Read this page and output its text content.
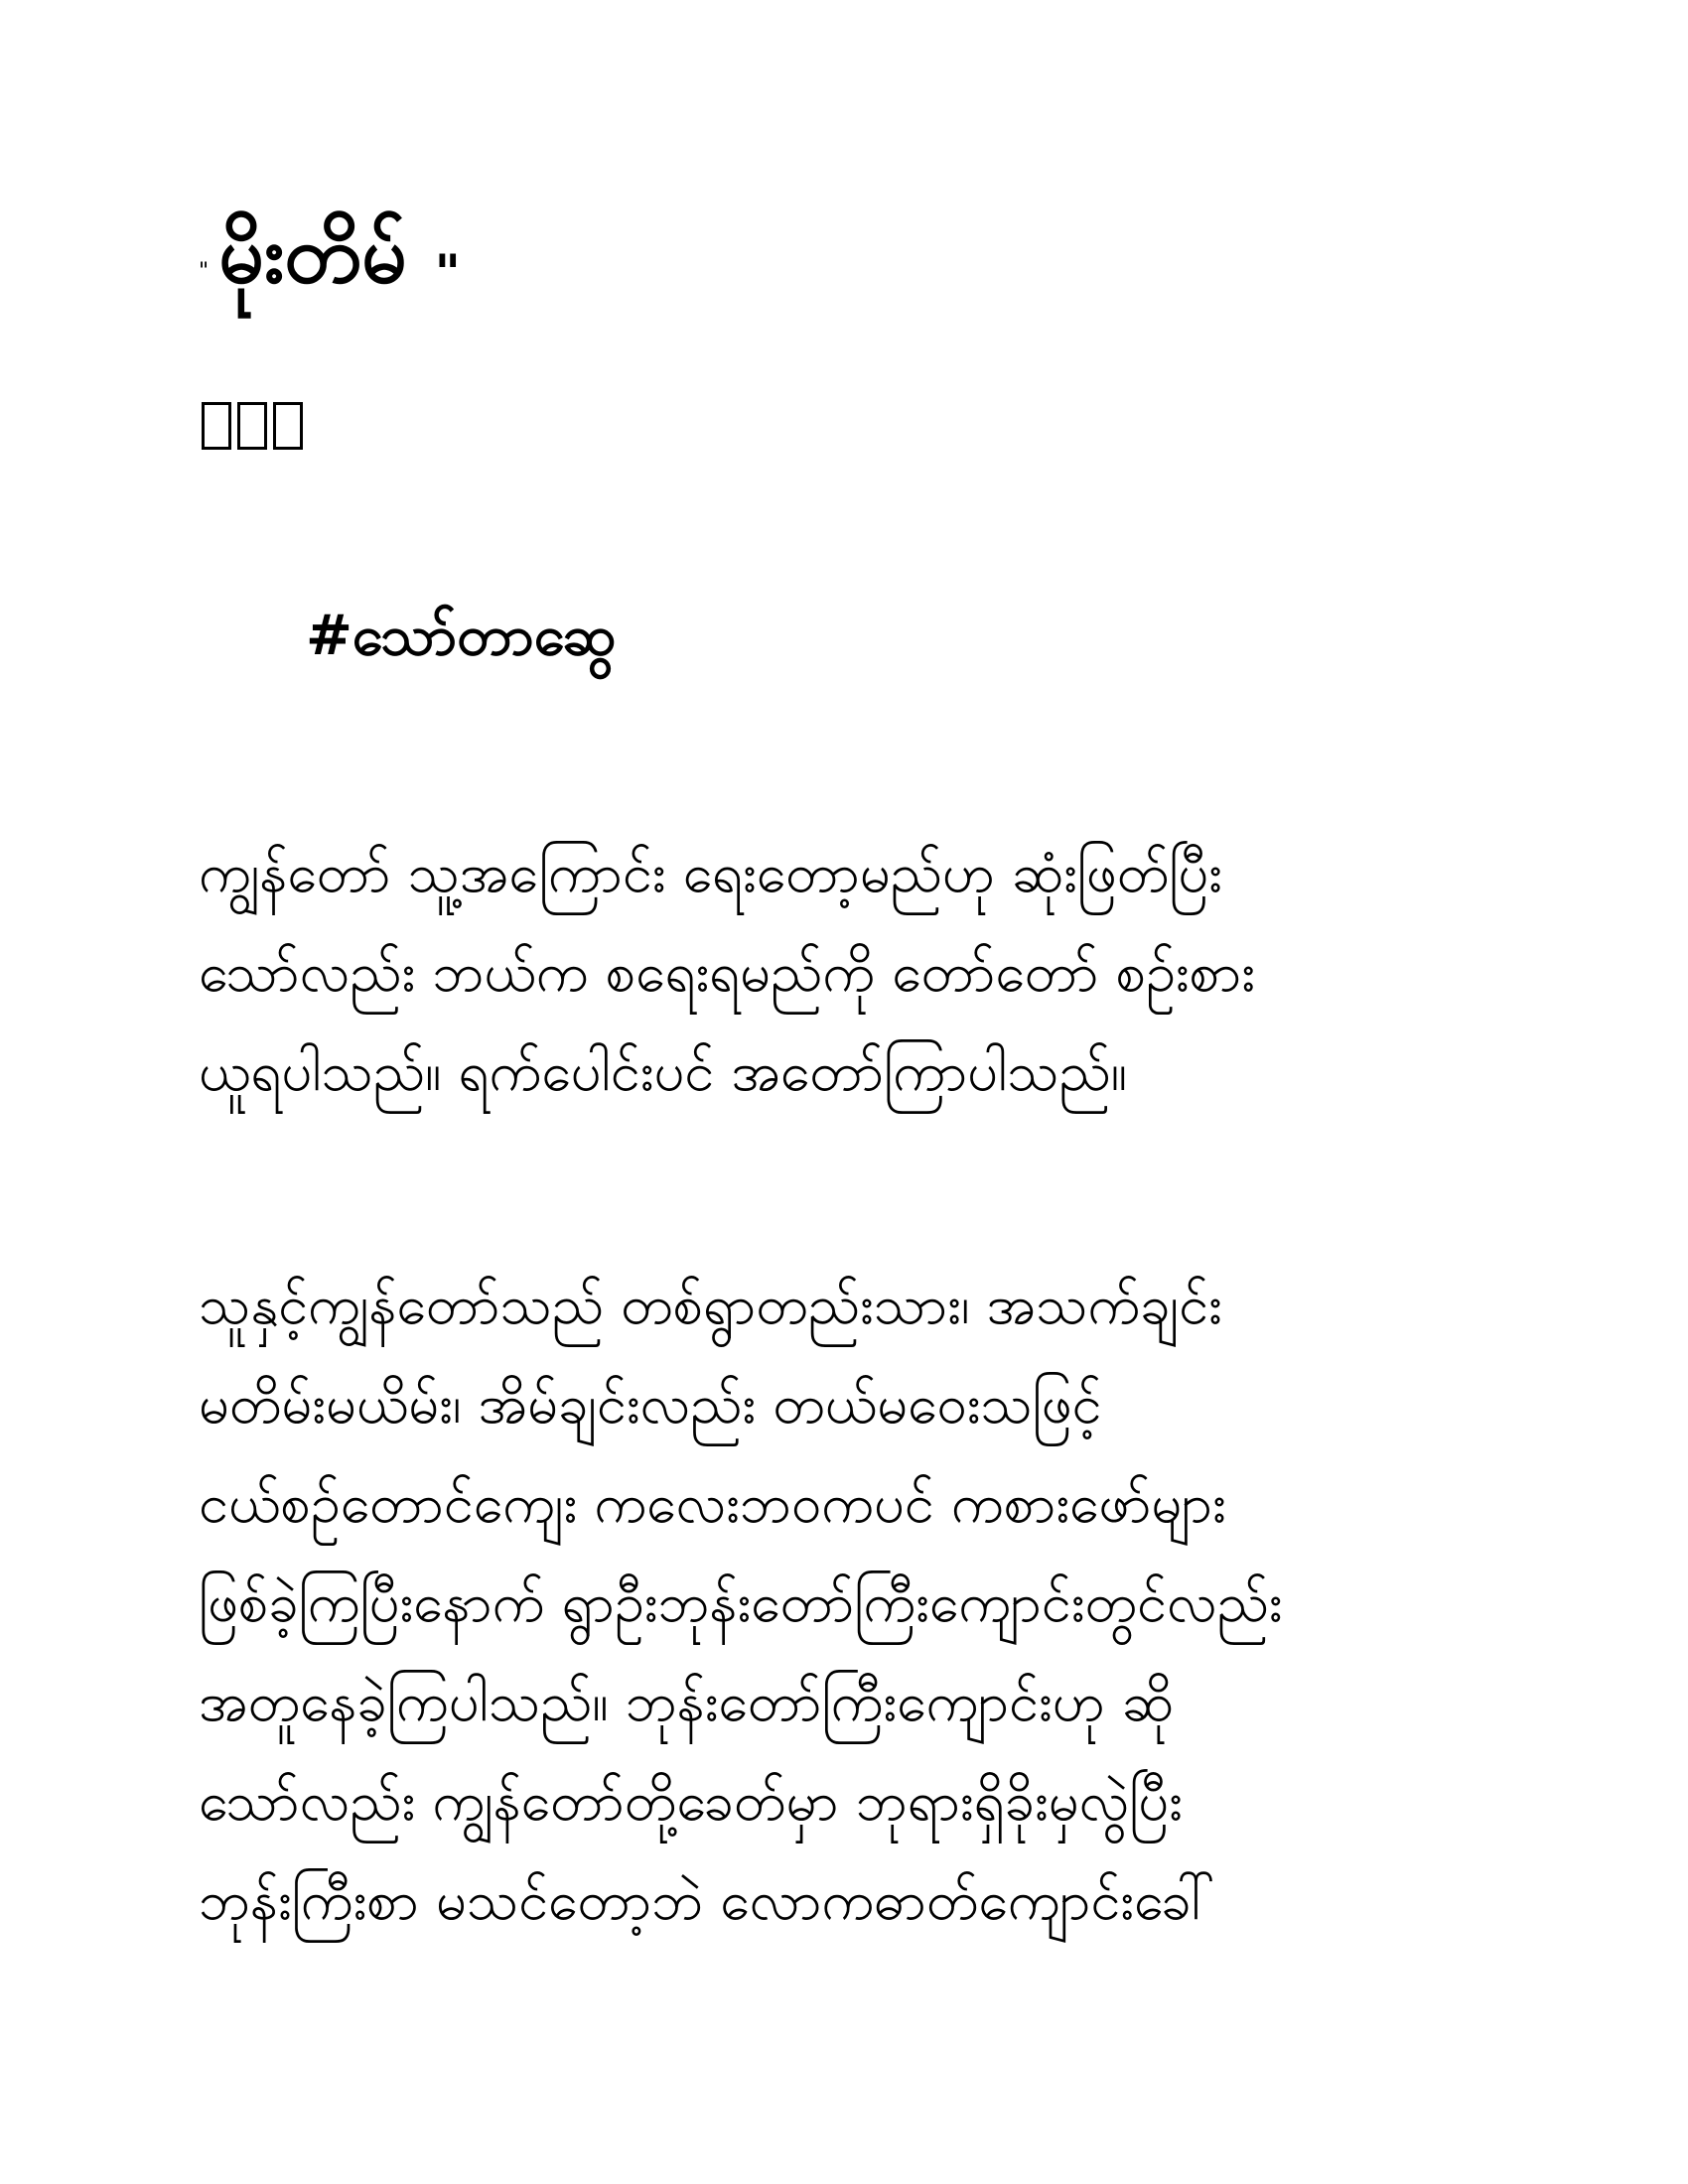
" မိုးတိမ် "
#သော်တာဆွေ
ကျွန်တော် သူ့အကြောင်း ရေးတော့မည်ဟု ဆုံးဖြတ်ပြီး
သော်လည်း ဘယ်က စရေးရမည်ကို တော်တော် စဉ်းစား
ယူရပါသည်။ ရက်ပေါင်းပင် အတော်ကြာပါသည်။
သူနှင့်ကျွန်တော်သည် တစ်ရွာတည်းသား၊ အသက်ချင်း
မတိမ်းမယိမ်း၊ အိမ်ချင်းလည်း တယ်မဝေးသဖြင့်
ငယ်စဉ်တောင်ကျေး ကလေးဘဝကပင် ကစားဖော်များ
ဖြစ်ခဲ့ကြပြီးနောက် ရွာဦးဘုန်းတော်ကြီးကျောင်းတွင်လည်း
အတူနေခဲ့ကြပါသည်။ ဘုန်းတော်ကြီးကျောင်းဟု ဆို
သော်လည်း ကျွန်တော်တို့ခေတ်မှာ ဘုရားရှိခိုးမှလွဲပြီး
ဘုန်းကြီးစာ မသင်တော့ဘဲ လောကဓာတ်ကျောင်းခေါ်
